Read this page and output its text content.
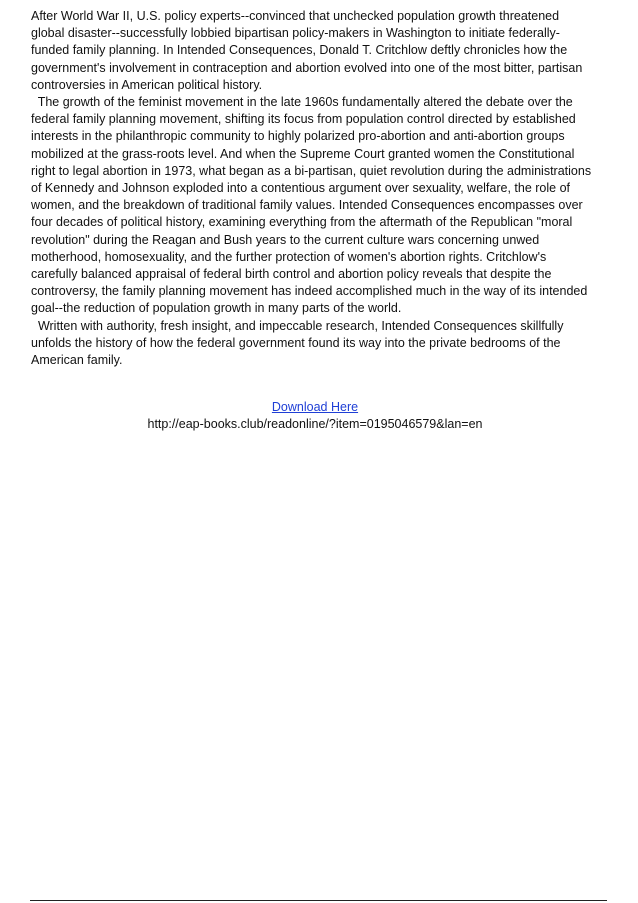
After World War II, U.S. policy experts--convinced that unchecked population growth threatened
global disaster--successfully lobbied bipartisan policy-makers in Washington to initiate federally-
funded family planning. In Intended Consequences, Donald T. Critchlow deftly chronicles how the
government's involvement in contraception and abortion evolved into one of the most bitter, partisan
controversies in American political history.
The growth of the feminist movement in the late 1960s fundamentally altered the debate over the
federal family planning movement, shifting its focus from population control directed by established
interests in the philanthropic community to highly polarized pro-abortion and anti-abortion groups
mobilized at the grass-roots level. And when the Supreme Court granted women the Constitutional
right to legal abortion in 1973, what began as a bi-partisan, quiet revolution during the administrations
of Kennedy and Johnson exploded into a contentious argument over sexuality, welfare, the role of
women, and the breakdown of traditional family values. Intended Consequences encompasses over
four decades of political history, examining everything from the aftermath of the Republican "moral
revolution" during the Reagan and Bush years to the current culture wars concerning unwed
motherhood, homosexuality, and the further protection of women's abortion rights. Critchlow's
carefully balanced appraisal of federal birth control and abortion policy reveals that despite the
controversy, the family planning movement has indeed accomplished much in the way of its intended
goal--the reduction of population growth in many parts of the world.
Written with authority, fresh insight, and impeccable research, Intended Consequences skillfully
unfolds the history of how the federal government found its way into the private bedrooms of the
American family.
Download Here
http://eap-books.club/readonline/?item=0195046579&lan=en
